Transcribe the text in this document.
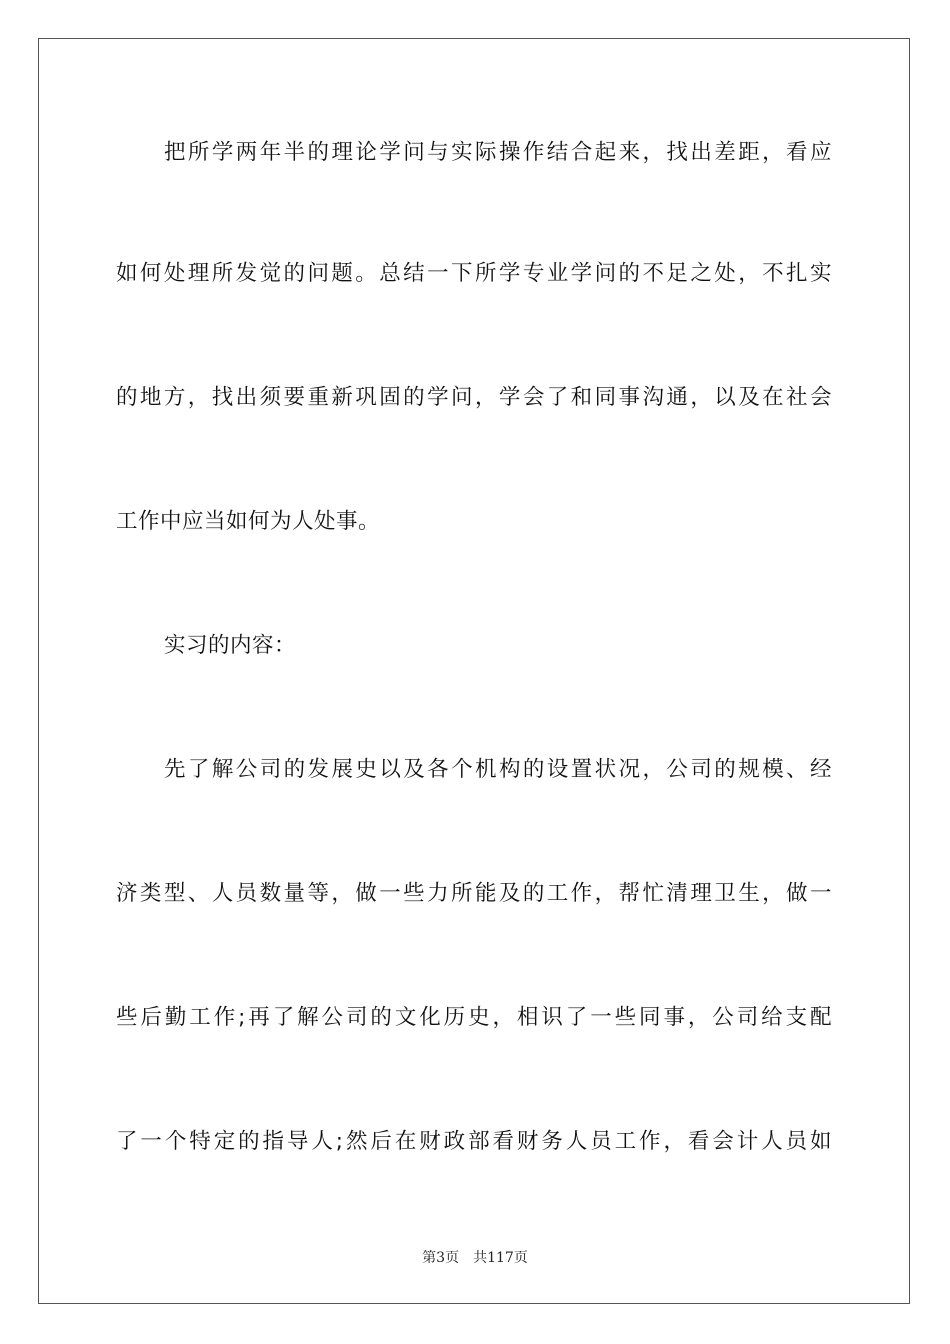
把所学两年半的理论学问与实际操作结合起来，找出差距，看应
如何处理所发觉的问题。总结一下所学专业学问的不足之处，不扎实
的地方，找出须要重新巩固的学问，学会了和同事沟通，以及在社会
工作中应当如何为人处事。
实习的内容：
先了解公司的发展史以及各个机构的设置状况，公司的规模、经
济类型、人员数量等，做一些力所能及的工作，帮忙清理卫生，做一
些后勤工作;再了解公司的文化历史，相识了一些同事，公司给支配
了一个特定的指导人;然后在财政部看财务人员工作，看会计人员如
第3页 共117页
